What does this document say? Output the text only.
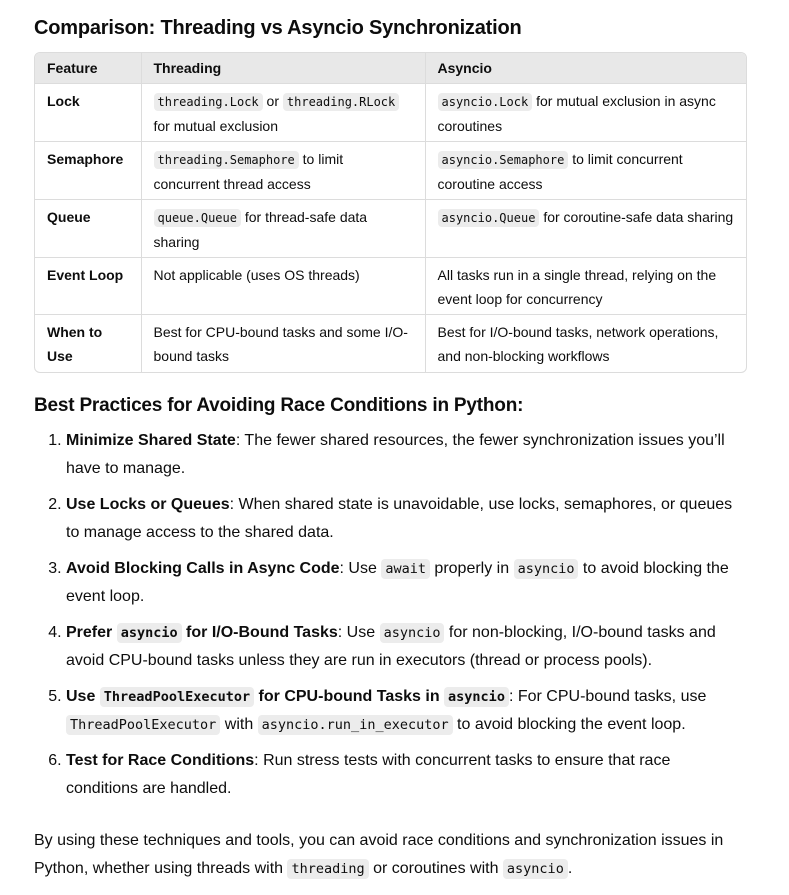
Comparison: Threading vs Asyncio Synchronization
Feature	Threading	Asyncio
Lock	threading.Lock or threading.RLock for mutual exclusion	asyncio.Lock for mutual exclusion in async coroutines
Semaphore	threading.Semaphore to limit concurrent thread access	asyncio.Semaphore to limit concurrent coroutine access
Queue	queue.Queue for thread-safe data sharing	asyncio.Queue for coroutine-safe data sharing
Event Loop	Not applicable (uses OS threads)	All tasks run in a single thread, relying on the event loop for concurrency
When to Use	Best for CPU-bound tasks and some I/O-bound tasks	Best for I/O-bound tasks, network operations, and non-blocking workflows
Best Practices for Avoiding Race Conditions in Python:
1. Minimize Shared State: The fewer shared resources, the fewer synchronization issues you’ll have to manage.
2. Use Locks or Queues: When shared state is unavoidable, use locks, semaphores, or queues to manage access to the shared data.
3. Avoid Blocking Calls in Async Code: Use await properly in asyncio to avoid blocking the event loop.
4. Prefer asyncio for I/O-Bound Tasks: Use asyncio for non-blocking, I/O-bound tasks and avoid CPU-bound tasks unless they are run in executors (thread or process pools).
5. Use ThreadPoolExecutor for CPU-bound Tasks in asyncio : For CPU-bound tasks, use ThreadPoolExecutor with asyncio.run_in_executor to avoid blocking the event loop.
6. Test for Race Conditions: Run stress tests with concurrent tasks to ensure that race conditions are handled.

By using these techniques and tools, you can avoid race conditions and synchronization issues in Python, whether using threads with threading or coroutines with asyncio .
